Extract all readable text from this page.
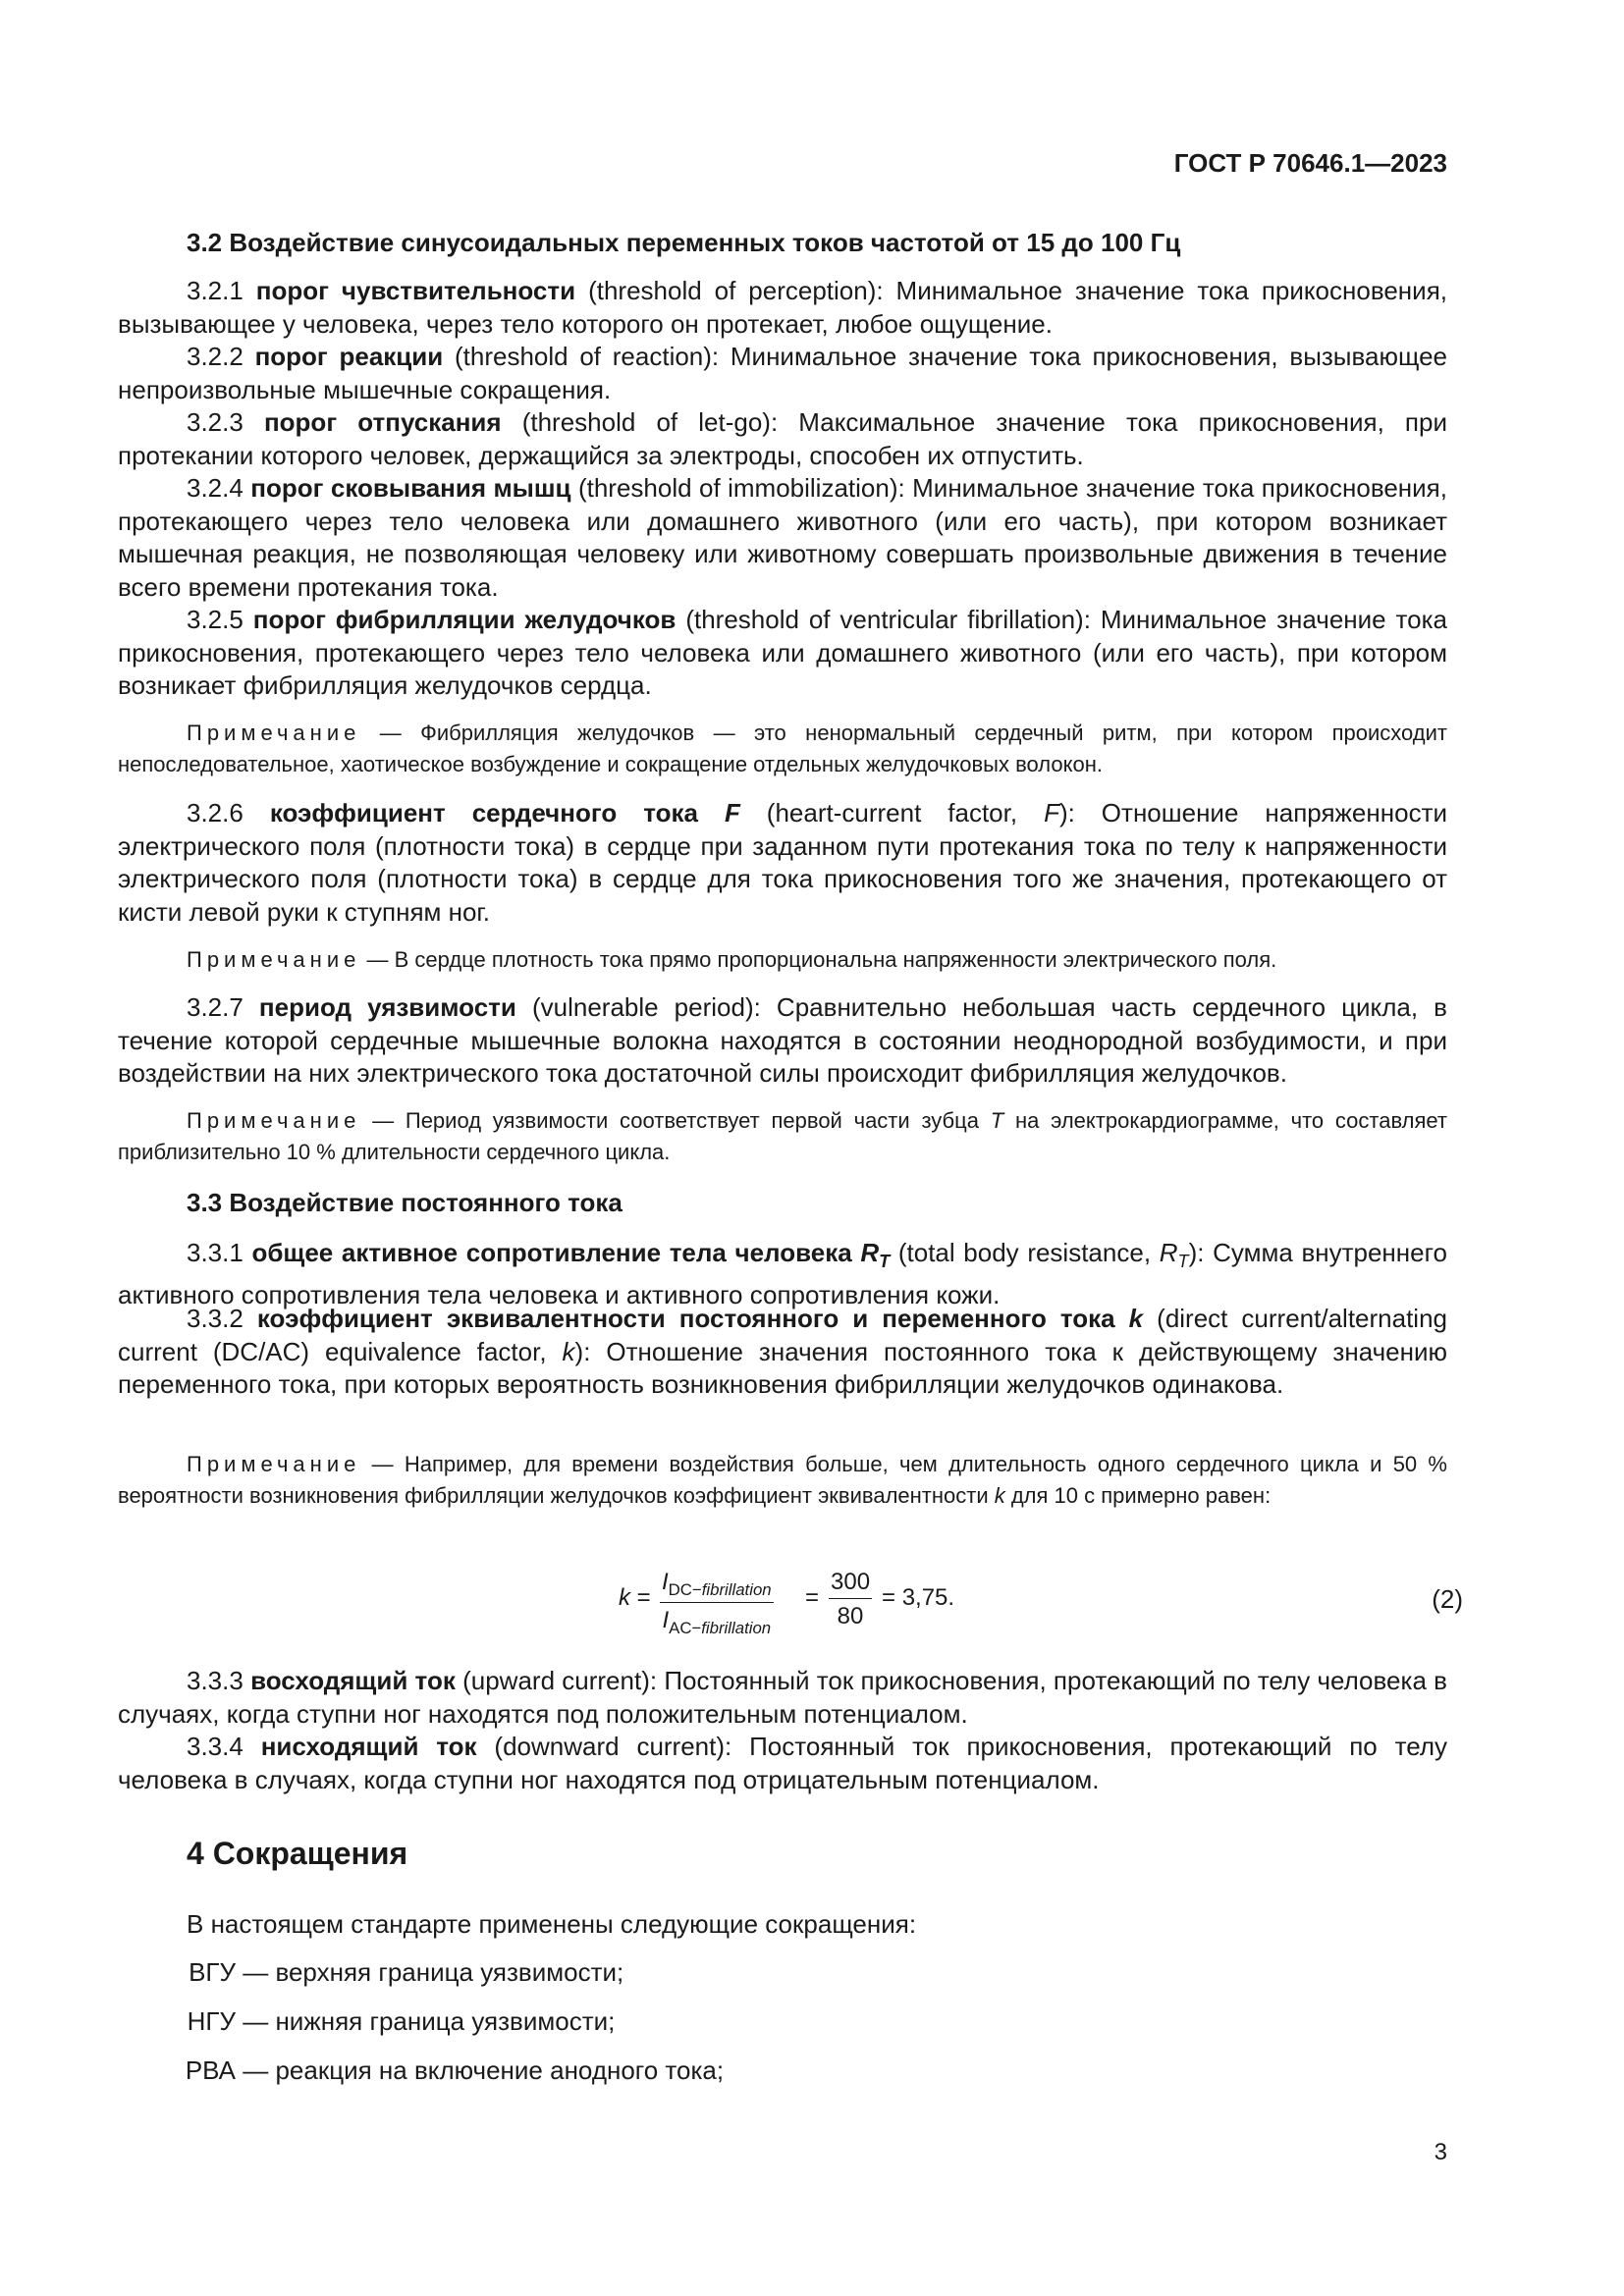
ГОСТ Р 70646.1—2023
3.2 Воздействие синусоидальных переменных токов частотой от 15 до 100 Гц

3.2.1 порог чувствительности (threshold of perception): Минимальное значение тока прикосновения, вызывающее у человека, через тело которого он протекает, любое ощущение.

3.2.2 порог реакции (threshold of reaction): Минимальное значение тока прикосновения, вызывающее непроизвольные мышечные сокращения.

3.2.3 порог отпускания (threshold of let-go): Максимальное значение тока прикосновения, при протекании которого человек, держащийся за электроды, способен их отпустить.

3.2.4 порог сковывания мышц (threshold of immobilization): Минимальное значение тока прикосновения, протекающего через тело человека или домашнего животного (или его часть), при котором возникает мышечная реакция, не позволяющая человеку или животному совершать произвольные движения в течение всего времени протекания тока.

3.2.5 порог фибрилляции желудочков (threshold of ventricular fibrillation): Минимальное значение тока прикосновения, протекающего через тело человека или домашнего животного (или его часть), при котором возникает фибрилляция желудочков сердца.

Примечание — Фибрилляция желудочков — это ненормальный сердечный ритм, при котором происходит непоследовательное, хаотическое возбуждение и сокращение отдельных желудочковых волокон.

3.2.6 коэффициент сердечного тока F (heart-current factor, F): Отношение напряженности электрического поля (плотности тока) в сердце при заданном пути протекания тока по телу к напряженности электрического поля (плотности тока) в сердце для тока прикосновения того же значения, протекающего от кисти левой руки к ступням ног.

Примечание — В сердце плотность тока прямо пропорциональна напряженности электрического поля.

3.2.7 период уязвимости (vulnerable period): Сравнительно небольшая часть сердечного цикла, в течение которой сердечные мышечные волокна находятся в состоянии неоднородной возбудимости, и при воздействии на них электрического тока достаточной силы происходит фибрилляция желудочков.

Примечание — Период уязвимости соответствует первой части зубца T на электрокардиограмме, что составляет приблизительно 10 % длительности сердечного цикла.

3.3 Воздействие постоянного тока

3.3.1 общее активное сопротивление тела человека $R_T$ (total body resistance, $R_T$): Сумма внутреннего активного сопротивления тела человека и активного сопротивления кожи.

3.3.2 коэффициент эквивалентности постоянного и переменного тока k (direct current/alternating current (DC/AC) equivalence factor, k): Отношение значения постоянного тока к действующему значению переменного тока, при которых вероятность возникновения фибрилляции желудочков одинакова.

Примечание — Например, для времени воздействия больше, чем длительность одного сердечного цикла и 50 % вероятности возникновения фибрилляции желудочков коэффициент эквивалентности k для 10 с примерно равен:

k =
$I_{DC-fibrillation}$
$I_{AC-fibrillation}$
= $\frac{300}{80} = 3,75$.	(2)

3.3.3 восходящий ток (upward current): Постоянный ток прикосновения, протекающий по телу человека в случаях, когда ступни ног находятся под положительным потенциалом.

3.3.4 нисходящий ток (downward current): Постоянный ток прикосновения, протекающий по телу человека в случаях, когда ступни ног находятся под отрицательным потенциалом.

4 Сокращения

В настоящем стандарте применены следующие сокращения:

ВГУ — верхняя граница уязвимости;
НГУ — нижняя граница уязвимости;
РВА — реакция на включение анодного тока;
3
